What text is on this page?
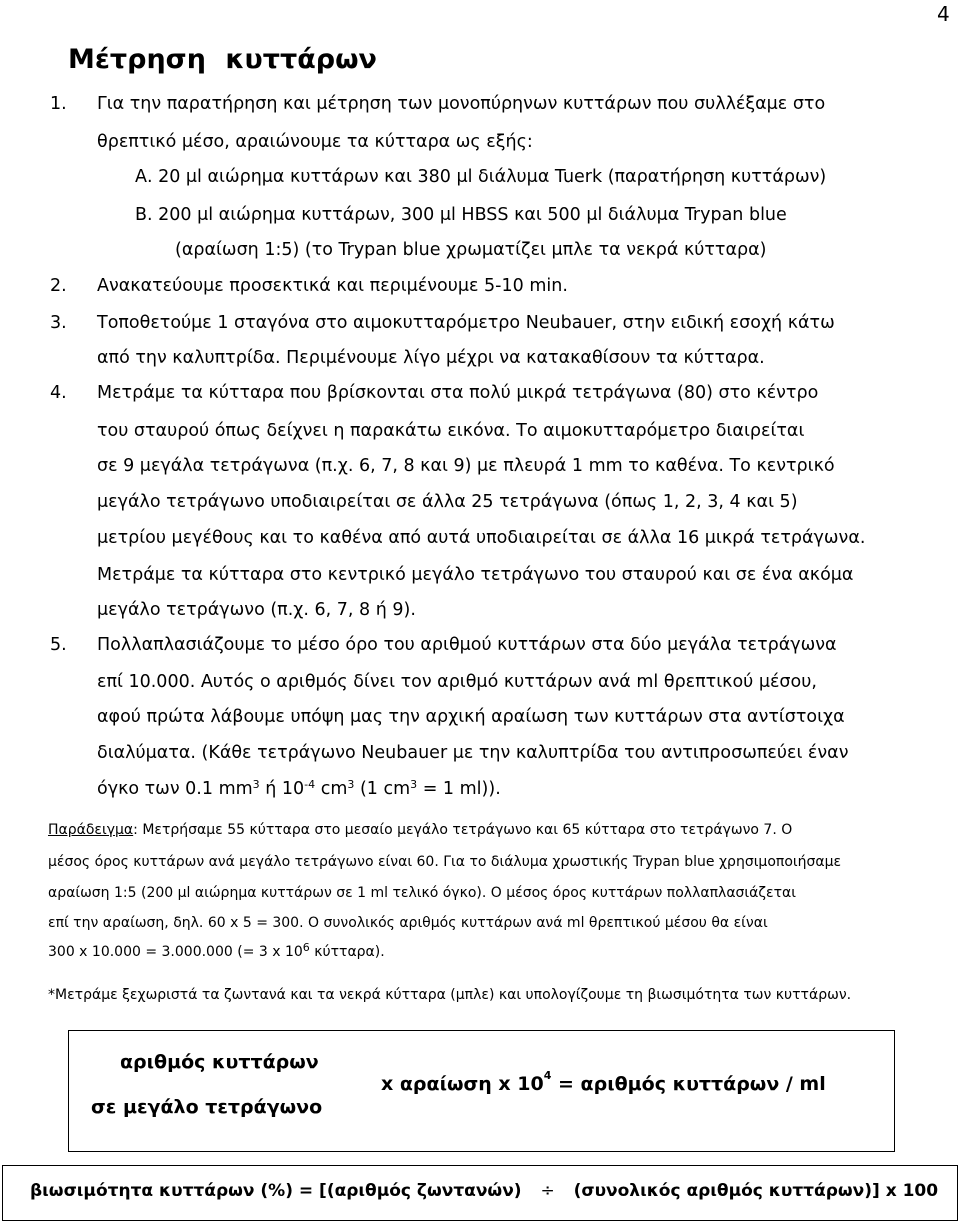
4
Μέτρηση κυττάρων
1. Για την παρατήρηση και μέτρηση των μονοπύρηνων κυττάρων που συλλέξαμε στο
θρεπτικό μέσο, αραιώνουμε τα κύτταρα ως εξής:
Α. 20 μl αιώρημα κυττάρων και 380 μl διάλυμα Tuerk (παρατήρηση κυττάρων)
Β. 200 μl αιώρημα κυττάρων, 300 μl HBSS και 500 μl διάλυμα Trypan blue
(αραίωση 1:5) (το Trypan blue χρωματίζει μπλε τα νεκρά κύτταρα)
2. Ανακατεύουμε προσεκτικά και περιμένουμε 5-10 min.
3. Τοποθετούμε 1 σταγόνα στο αιμοκυτταρόμετρο Neubauer, στην ειδική εσοχή κάτω
από την καλυπτρίδα. Περιμένουμε λίγο μέχρι να κατακαθίσουν τα κύτταρα.
4. Μετράμε τα κύτταρα που βρίσκονται στα πολύ μικρά τετράγωνα (80) στο κέντρο
του σταυρού όπως δείχνει η παρακάτω εικόνα. Το αιμοκυτταρόμετρο διαιρείται
σε 9 μεγάλα τετράγωνα (π.χ. 6, 7, 8 και 9) με πλευρά 1 mm το καθένα. Το κεντρικό
μεγάλο τετράγωνο υποδιαιρείται σε άλλα 25 τετράγωνα (όπως 1, 2, 3, 4 και 5)
μετρίου μεγέθους και το καθένα από αυτά υποδιαιρείται σε άλλα 16 μικρά τετράγωνα.
Μετράμε τα κύτταρα στο κεντρικό μεγάλο τετράγωνο του σταυρού και σε ένα ακόμα
μεγάλο τετράγωνο (π.χ. 6, 7, 8 ή 9).
5. Πολλαπλασιάζουμε το μέσο όρο του αριθμού κυττάρων στα δύο μεγάλα τετράγωνα
επί 10.000. Αυτός ο αριθμός δίνει τον αριθμό κυττάρων ανά ml θρεπτικού μέσου,
αφού πρώτα λάβουμε υπόψη μας την αρχική αραίωση των κυττάρων στα αντίστοιχα
διαλύματα. (Κάθε τετράγωνο Neubauer με την καλυπτρίδα του αντιπροσωπεύει έναν
όγκο των 0.1 $mm^3$ ή $10^{-4}$ $cm^3$ (1 $cm^3 = 1$ ml)).
Παράδειγμα: Μετρήσαμε 55 κύτταρα στο μεσαίο μεγάλο τετράγωνο και 65 κύτταρα στο τετράγωνο 7. Ο
μέσος όρος κυττάρων ανά μεγάλο τετράγωνο είναι 60. Για το διάλυμα χρωστικής Trypan blue χρησιμοποιήσαμε
αραίωση 1:5 (200 μl αιώρημα κυττάρων σε 1 ml τελικό όγκο). Ο μέσος όρος κυττάρων πολλαπλασιάζεται
επί την αραίωση, δηλ. 60 x 5 = 300. Ο συνολικός αριθμός κυττάρων ανά ml θρεπτικού μέσου θα είναι
300 x 10.000 = 3.000.000 (= 3 x $10^6$ κύτταρα).
*Μετράμε ξεχωριστά τα ζωντανά και τα νεκρά κύτταρα (μπλε) και υπολογίζουμε τη βιωσιμότητα των κυττάρων.
αριθμός κυττάρων
σε μεγάλο τετράγωνο
x αραίωση x $10^4 = \alpha\rho\iota\theta\mu ό\varsigma$ κυττάρων / ml
βιωσιμότητα κυττάρων (%) = [(αριθμός ζωντανών) ÷ (συνολικός αριθμός κυττάρων)] x 100
